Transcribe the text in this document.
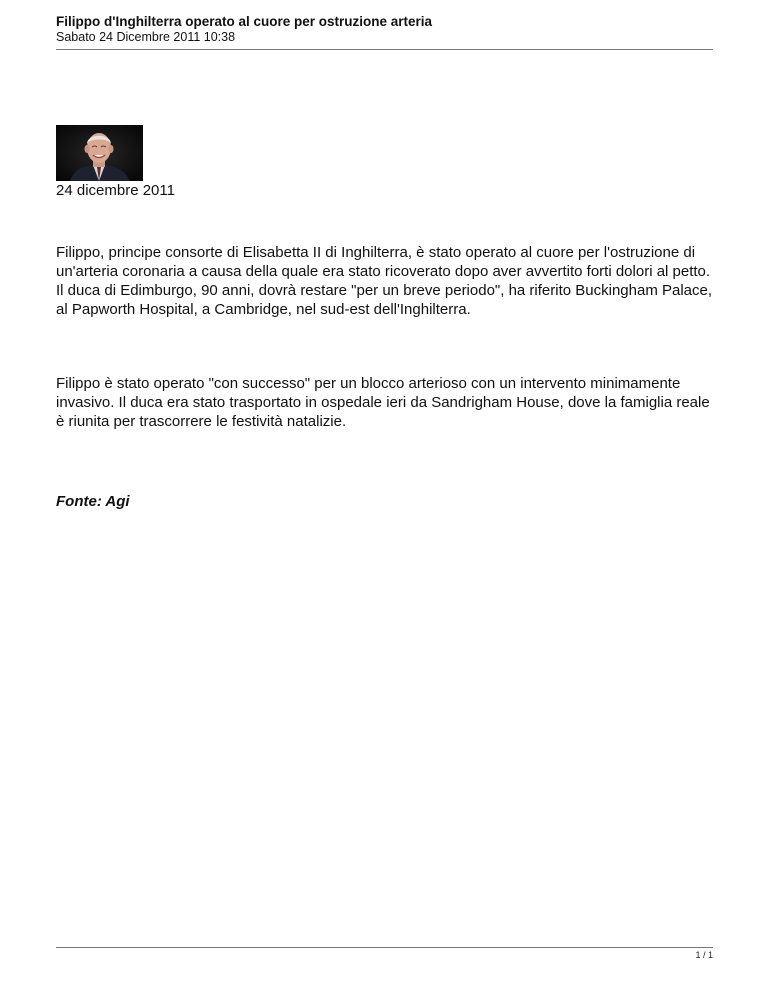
Filippo d'Inghilterra operato al cuore per ostruzione arteria
Sabato 24 Dicembre 2011 10:38

24 dicembre 2011

Filippo, principe consorte di Elisabetta II di Inghilterra, è stato operato al cuore per l'ostruzione di un'arteria coronaria a causa della quale era stato ricoverato dopo aver avvertito forti dolori al petto. Il duca di Edimburgo, 90 anni, dovrà restare "per un breve periodo", ha riferito Buckingham Palace, al Papworth Hospital, a Cambridge, nel sud-est dell'Inghilterra.

Filippo è stato operato "con successo" per un blocco arterioso con un intervento minimamente invasivo. Il duca era stato trasportato in ospedale ieri da Sandrigham House, dove la famiglia reale è riunita per trascorrere le festività natalizie.

Fonte: Agi

1 / 1
